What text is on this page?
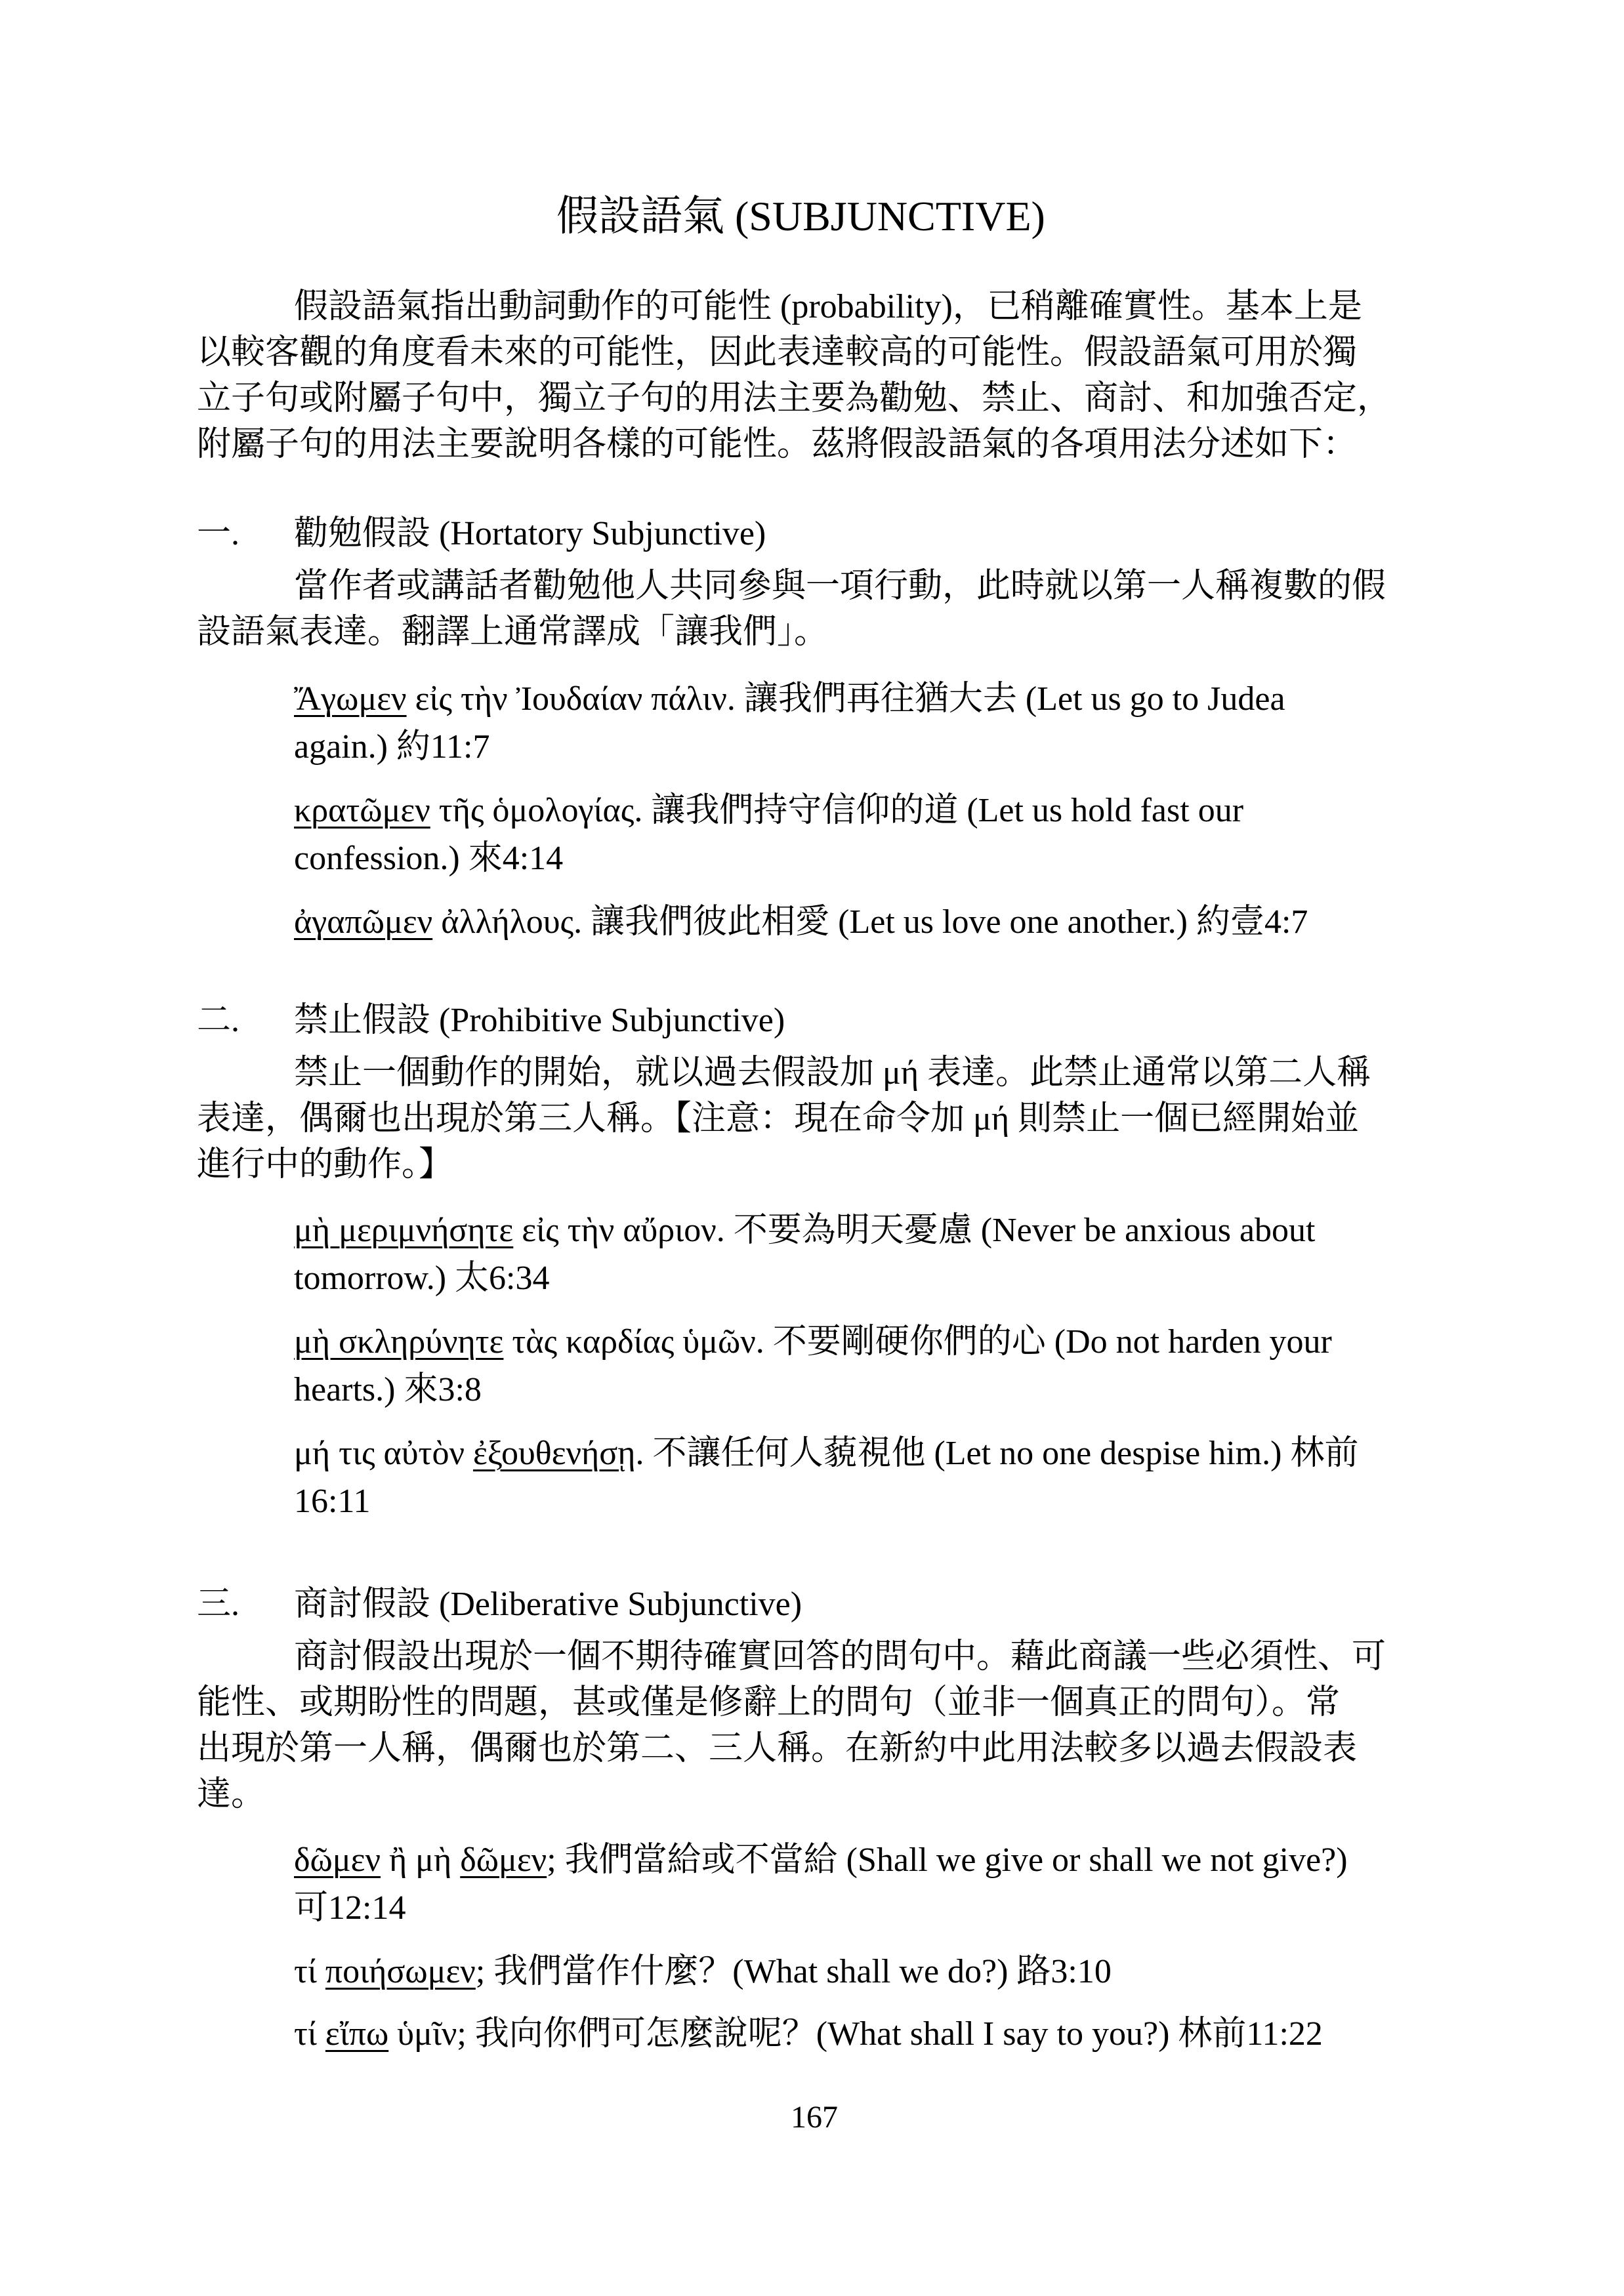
假設語氣 (SUBJUNCTIVE)
假設語氣指出動詞動作的可能性 (probability)，已稍離確實性。基本上是
以較客觀的角度看未來的可能性，因此表達較高的可能性。假設語氣可用於獨
立子句或附屬子句中，獨立子句的用法主要為勸勉、禁止、商討、和加強否定，
附屬子句的用法主要說明各樣的可能性。茲將假設語氣的各項用法分述如下：
一. 勸勉假設 (Hortatory Subjunctive)
當作者或講話者勸勉他人共同參與一項行動，此時就以第一人稱複數的假
設語氣表達。翻譯上通常譯成「讓我們」。
Ἄγωμεν εἰς τὴν Ἰουδαίαν πάλιν. 讓我們再往猶大去 (Let us go to Judea
again.) 約11:7
κρατῶμεν τῆς ὁμολογίας. 讓我們持守信仰的道 (Let us hold fast our
confession.) 來4:14
ἀγαπῶμεν ἀλλήλους. 讓我們彼此相愛 (Let us love one another.) 約壹4:7
二. 禁止假設 (Prohibitive Subjunctive)
禁止一個動作的開始，就以過去假設加 μή 表達。此禁止通常以第二人稱
表達，偶爾也出現於第三人稱。【注意：現在命令加 μή 則禁止一個已經開始並
進行中的動作。】
μὴ μεριμνήσητε εἰς τὴν αὔριον. 不要為明天憂慮 (Never be anxious about
tomorrow.) 太6:34
μὴ σκληρύνητε τὰς καρδίας ὑμῶν. 不要剛硬你們的心 (Do not harden your
hearts.) 來3:8
μή τις αὐτὸν ἐξουθενήσῃ. 不讓任何人藐視他 (Let no one despise him.) 林前
16:11
三. 商討假設 (Deliberative Subjunctive)
商討假設出現於一個不期待確實回答的問句中。藉此商議一些必須性、可
能性、或期盼性的問題，甚或僅是修辭上的問句（並非一個真正的問句）。常
出現於第一人稱，偶爾也於第二、三人稱。在新約中此用法較多以過去假設表
達。
δῶμεν ἢ μὴ δῶμεν; 我們當給或不當給 (Shall we give or shall we not give?)
可12:14
τί ποιήσωμεν; 我們當作什麼？(What shall we do?) 路3:10
τί εἴπω ὑμῖν; 我向你們可怎麼說呢？(What shall I say to you?) 林前11:22
167
